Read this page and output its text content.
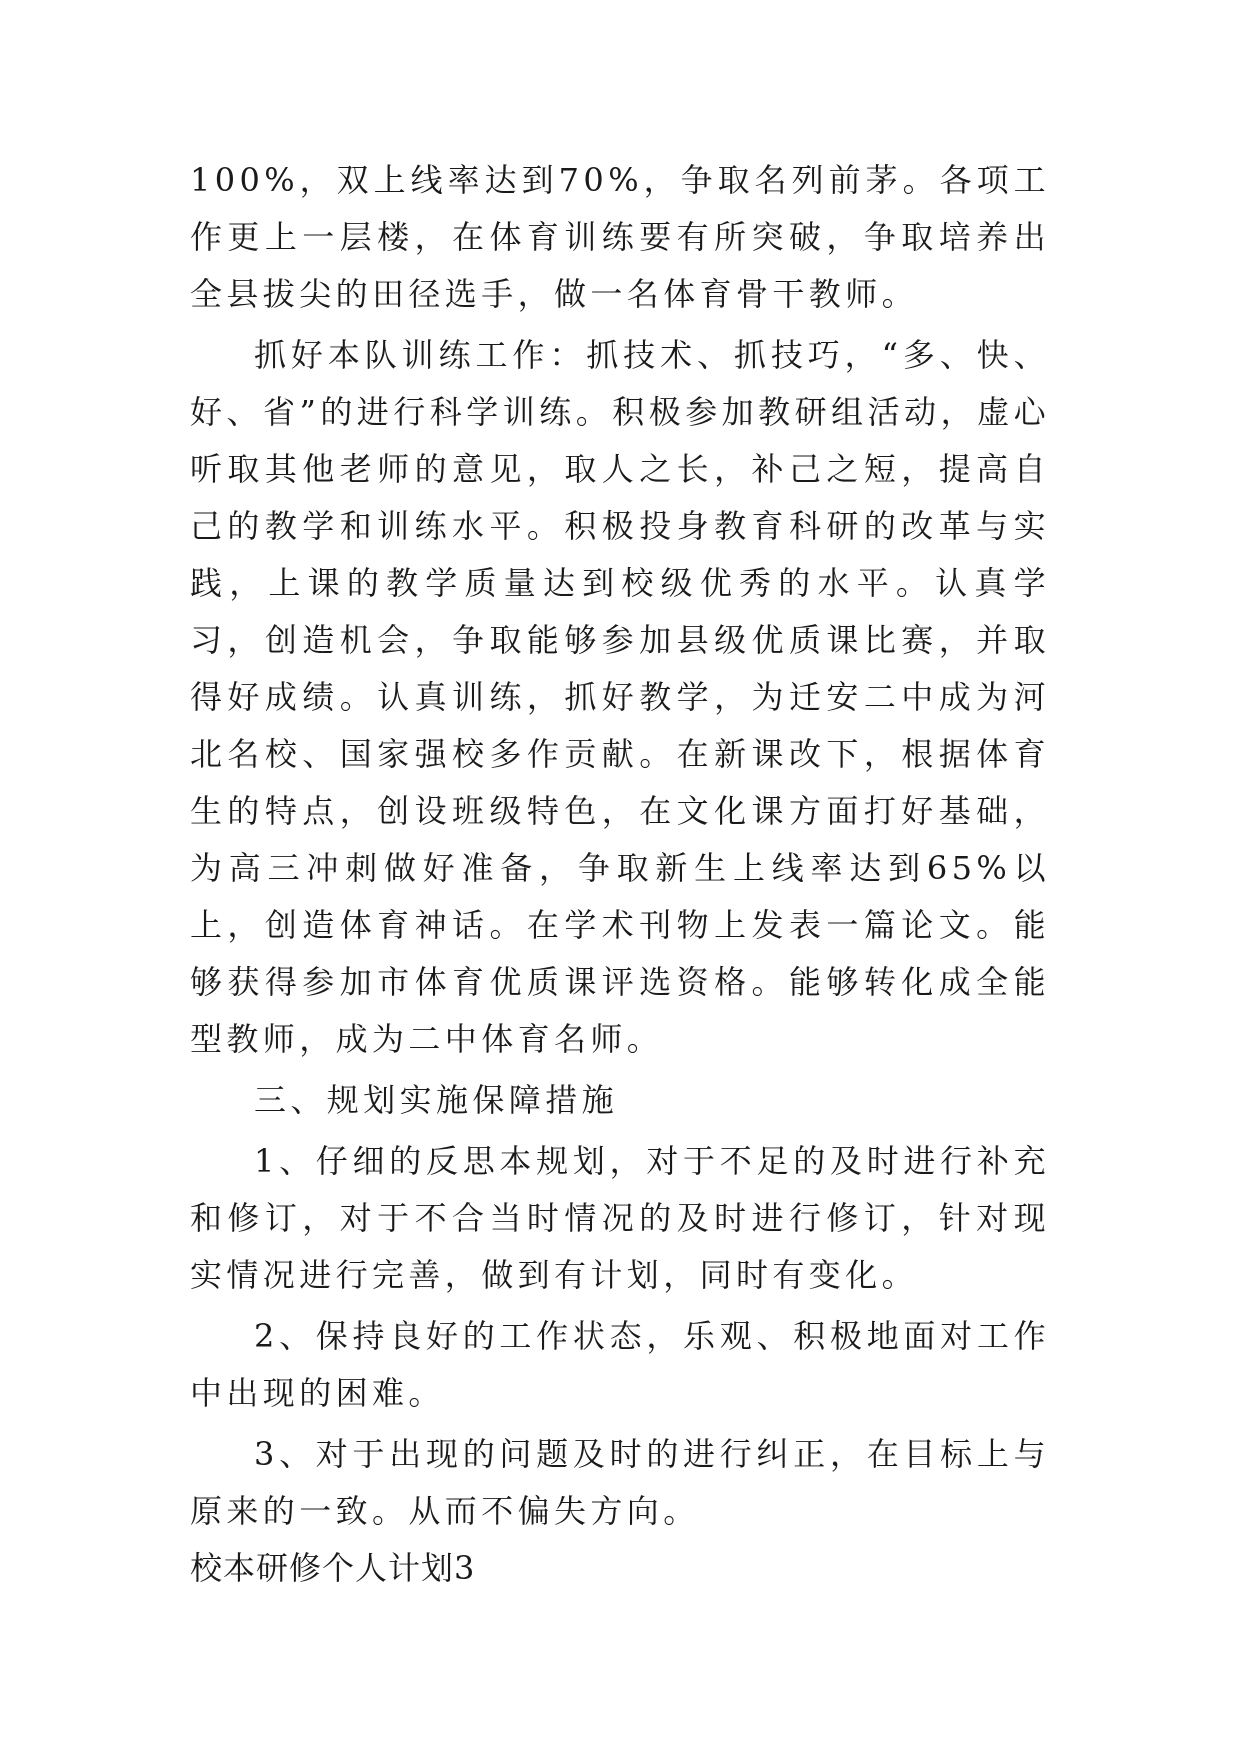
100%，双上线率达到70%，争取名列前茅。各项工作更上一层楼，在体育训练要有所突破，争取培养出全县拔尖的田径选手，做一名体育骨干教师。

抓好本队训练工作：抓技术、抓技巧，“多、快、好、省”的进行科学训练。积极参加教研组活动，虚心听取其他老师的意见，取人之长，补己之短，提高自己的教学和训练水平。积极投身教育科研的改革与实践，上课的教学质量达到校级优秀的水平。认真学习，创造机会，争取能够参加县级优质课比赛，并取得好成绩。认真训练，抓好教学，为迁安二中成为河北名校、国家强校多作贡献。在新课改下，根据体育生的特点，创设班级特色，在文化课方面打好基础，为高三冲刺做好准备，争取新生上线率达到65%以上，创造体育神话。在学术刊物上发表一篇论文。能够获得参加市体育优质课评选资格。能够转化成全能型教师，成为二中体育名师。

三、规划实施保障措施

1、仔细的反思本规划，对于不足的及时进行补充和修订，对于不合当时情况的及时进行修订，针对现实情况进行完善，做到有计划，同时有变化。

2、保持良好的工作状态，乐观、积极地面对工作中出现的困难。

3、对于出现的问题及时的进行纠正，在目标上与原来的一致。从而不偏失方向。

校本研修个人计划3
